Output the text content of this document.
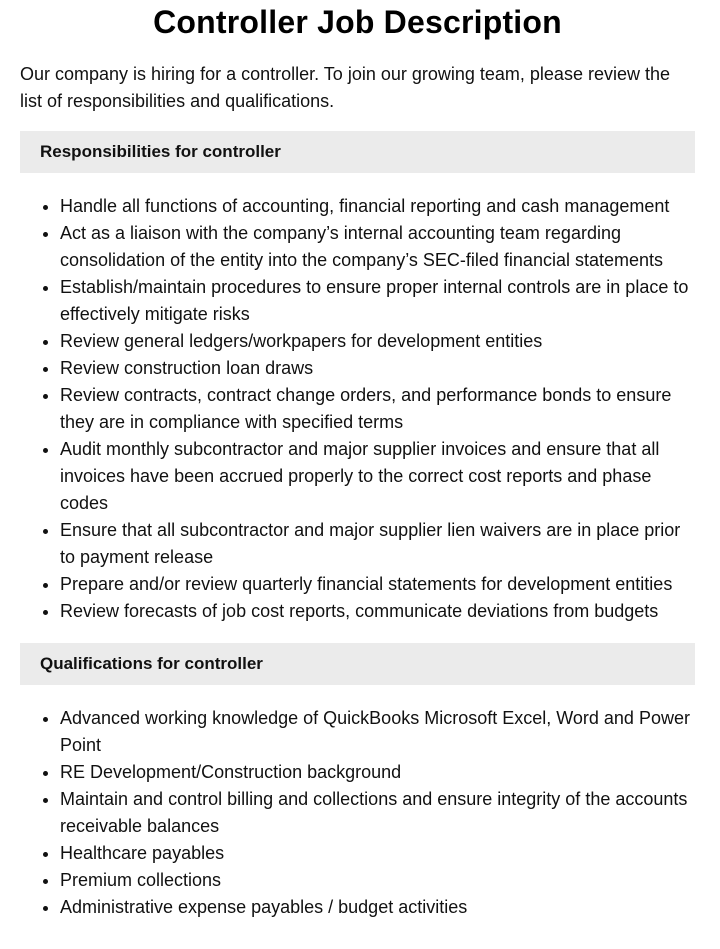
Controller Job Description

Our company is hiring for a controller. To join our growing team, please review the list of responsibilities and qualifications.

Responsibilities for controller
• Handle all functions of accounting, financial reporting and cash management
• Act as a liaison with the company’s internal accounting team regarding consolidation of the entity into the company’s SEC-filed financial statements
• Establish/maintain procedures to ensure proper internal controls are in place to effectively mitigate risks
• Review general ledgers/workpapers for development entities
• Review construction loan draws
• Review contracts, contract change orders, and performance bonds to ensure they are in compliance with specified terms
• Audit monthly subcontractor and major supplier invoices and ensure that all invoices have been accrued properly to the correct cost reports and phase codes
• Ensure that all subcontractor and major supplier lien waivers are in place prior to payment release
• Prepare and/or review quarterly financial statements for development entities
• Review forecasts of job cost reports, communicate deviations from budgets
Qualifications for controller
• Advanced working knowledge of QuickBooks Microsoft Excel, Word and Power Point
• RE Development/Construction background
• Maintain and control billing and collections and ensure integrity of the accounts receivable balances
• Healthcare payables
• Premium collections
• Administrative expense payables / budget activities
